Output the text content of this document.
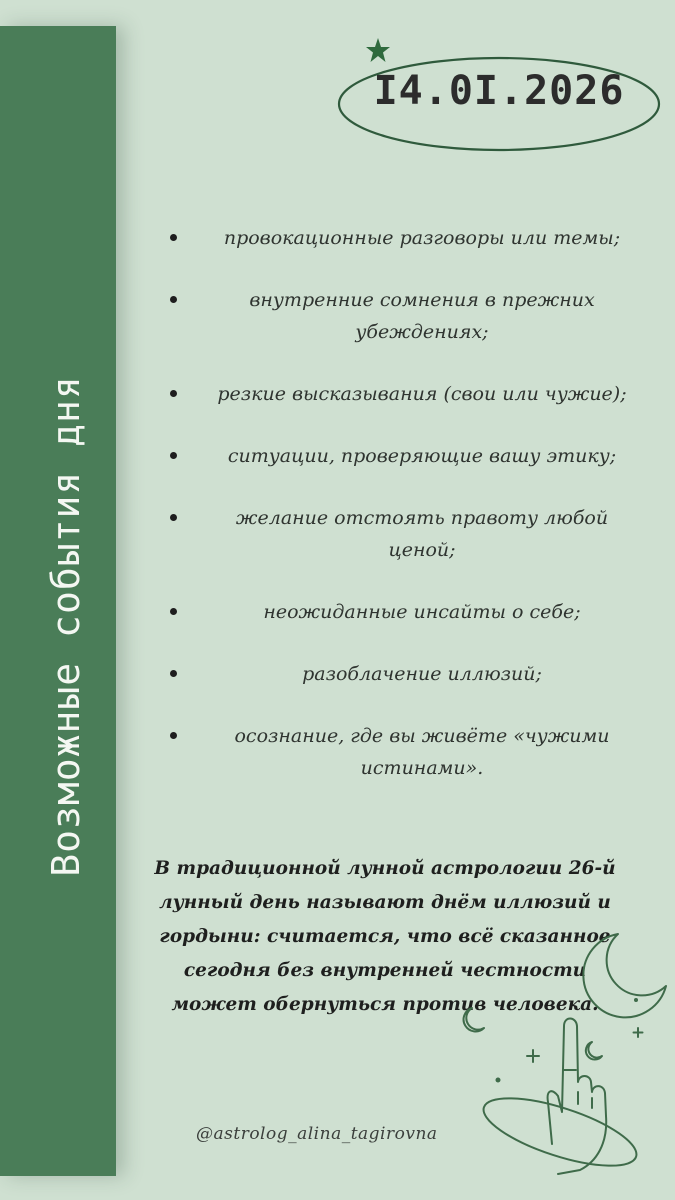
Возможные события дня
I4.0I.2026
провокационные разговоры или темы;
внутренние сомнения в прежних убеждениях;
резкие высказывания (свои или чужие);
ситуации, проверяющие вашу этику;
желание отстоять правоту любой ценой;
неожиданные инсайты о себе;
разоблачение иллюзий;
осознание, где вы живёте «чужими истинами».

В традиционной лунной астрологии 26-й лунный день называют днём иллюзий и гордыни: считается, что всё сказанное сегодня без внутренней честности может обернуться против человека.

@astrolog_alina_tagirovna
